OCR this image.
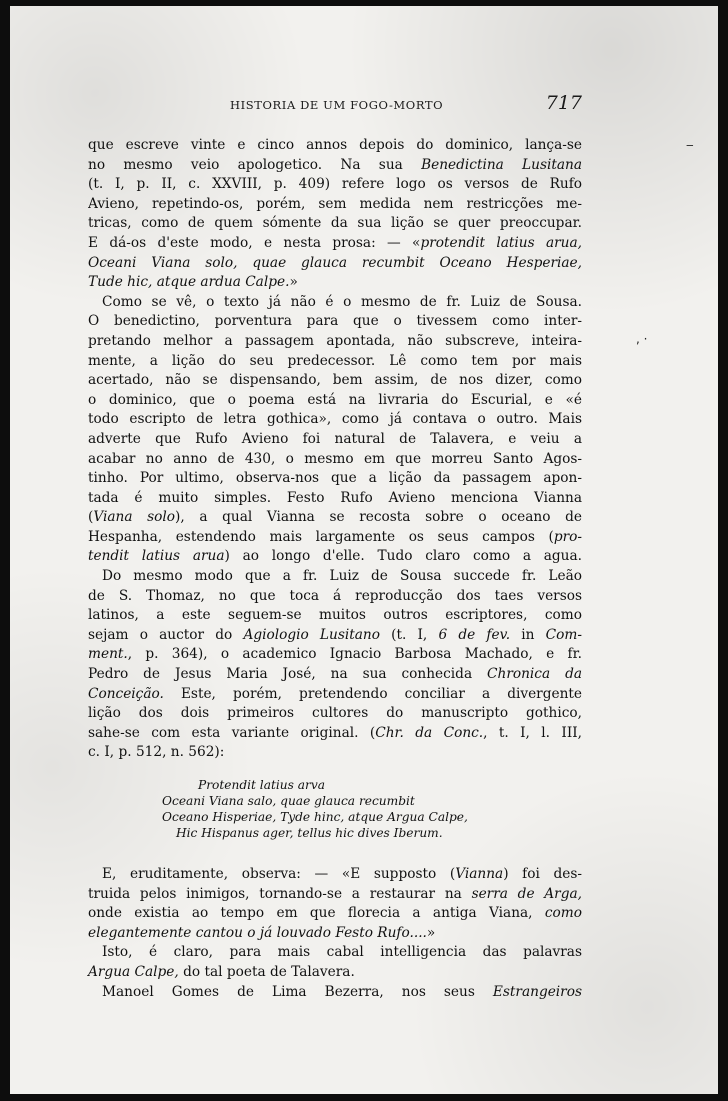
HISTORIA DE UM FOGO-MORTO	717
que escreve vinte e cinco annos depois do dominico, lança-se
no mesmo veio apologetico. Na sua Benedictina Lusitana
(t. I, p. II, c. XXVIII, p. 409) refere logo os versos de Rufo
Avieno, repetindo-os, porém, sem medida nem restricções me-
tricas, como de quem sómente da sua lição se quer preoccupar.
E dá-os d'este modo, e nesta prosa: — «protendit latius arua,
Oceani Viana solo, quae glauca recumbit Oceano Hesperiae,
Tude hic, atque ardua Calpe.»
Como se vê, o texto já não é o mesmo de fr. Luiz de Sousa.
O benedictino, porventura para que o tivessem como inter-
pretando melhor a passagem apontada, não subscreve, inteira-
mente, a lição do seu predecessor. Lê como tem por mais
acertado, não se dispensando, bem assim, de nos dizer, como
o dominico, que o poema está na livraria do Escurial, e «é
todo escripto de letra gothica», como já contava o outro. Mais
adverte que Rufo Avieno foi natural de Talavera, e veiu a
acabar no anno de 430, o mesmo em que morreu Santo Agos-
tinho. Por ultimo, observa-nos que a lição da passagem apon-
tada é muito simples. Festo Rufo Avieno menciona Vianna
(Viana solo), a qual Vianna se recosta sobre o oceano de
Hespanha, estendendo mais largamente os seus campos (pro-
tendit latius arua) ao longo d'elle. Tudo claro como a agua.
Do mesmo modo que a fr. Luiz de Sousa succede fr. Leão
de S. Thomaz, no que toca á reproducção dos taes versos
latinos, a este seguem-se muitos outros escriptores, como
sejam o auctor do Agiologio Lusitano (t. I, 6 de fev. in Com-
ment., p. 364), o academico Ignacio Barbosa Machado, e fr.
Pedro de Jesus Maria José, na sua conhecida Chronica da
Conceição. Este, porém, pretendendo conciliar a divergente
lição dos dois primeiros cultores do manuscripto gothico,
sahe-se com esta variante original. (Chr. da Conc., t. I, l. III,
c. I, p. 512, n. 562):
Protendit latius arva
Oceani Viana salo, quae glauca recumbit
Oceano Hisperiae, Tyde hinc, atque Argua Calpe,
Hic Hispanus ager, tellus hic dives Iberum.
E, eruditamente, observa: — «E supposto (Vianna) foi des-
truida pelos inimigos, tornando-se a restaurar na serra de Arga,
onde existia ao tempo em que florecia a antiga Viana, como
elegantemente cantou o já louvado Festo Rufo....»
Isto, é claro, para mais cabal intelligencia das palavras
Argua Calpe, do tal poeta de Talavera.
Manoel Gomes de Lima Bezerra, nos seus Estrangeiros
‒
, ·
